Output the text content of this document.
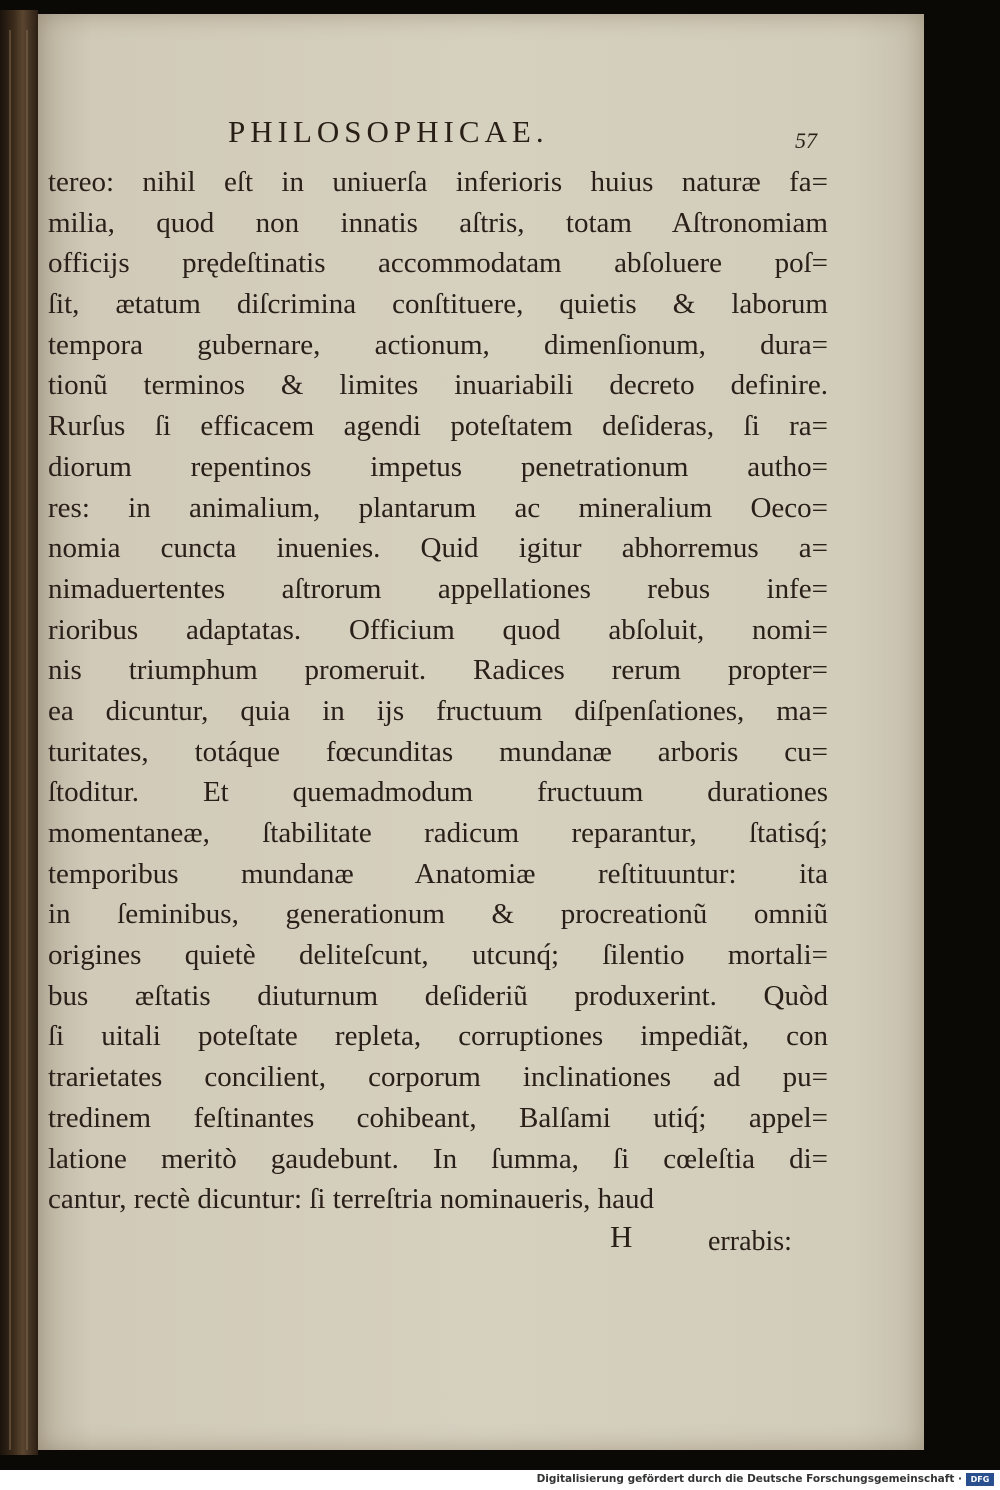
PHILOSOPHICAE.	57
tereo: nihil eſt in uniuerſa inferioris huius naturæ fa=
milia, quod non innatis aſtris, totam Aſtronomiam
officijs prędeſtinatis accommodatam abſoluere poſ=
ſit, ætatum diſcrimina conſtituere, quietis & laborum
tempora gubernare, actionum, dimenſionum, dura=
tionũ terminos & limites inuariabili decreto definire.
Rurſus ſi efficacem agendi poteſtatem deſideras, ſi ra=
diorum repentinos impetus penetrationum autho=
res: in animalium, plantarum ac mineralium Oeco=
nomia cuncta inuenies. Quid igitur abhorremus a=
nimaduertentes aſtrorum appellationes rebus infe=
rioribus adaptatas. Officium quod abſoluit, nomi=
nis triumphum promeruit. Radices rerum propter=
ea dicuntur, quia in ijs fructuum diſpenſationes, ma=
turitates, totáque fœcunditas mundanæ arboris cu=
ſtoditur. Et quemadmodum fructuum durationes
momentaneæ, ſtabilitate radicum reparantur, ſtatisq́;
temporibus mundanæ Anatomiæ reſtituuntur: ita
in ſeminibus, generationum & procreationũ omniũ
origines quietè deliteſcunt, utcunq́; ſilentio mortali=
bus æſtatis diuturnum deſideriũ produxerint. Quòd
ſi uitali poteſtate repleta, corruptiones impediãt, con
trarietates concilient, corporum inclinationes ad pu=
tredinem feſtinantes cohibeant, Balſami utiq́; appel=
latione meritò gaudebunt. In ſumma, ſi cœleſtia di=
cantur, rectè dicuntur: ſi terreſtria nominaueris, haud
H	errabis:
Digitalisierung gefördert durch die Deutsche Forschungsgemeinschaft ·	DFG
